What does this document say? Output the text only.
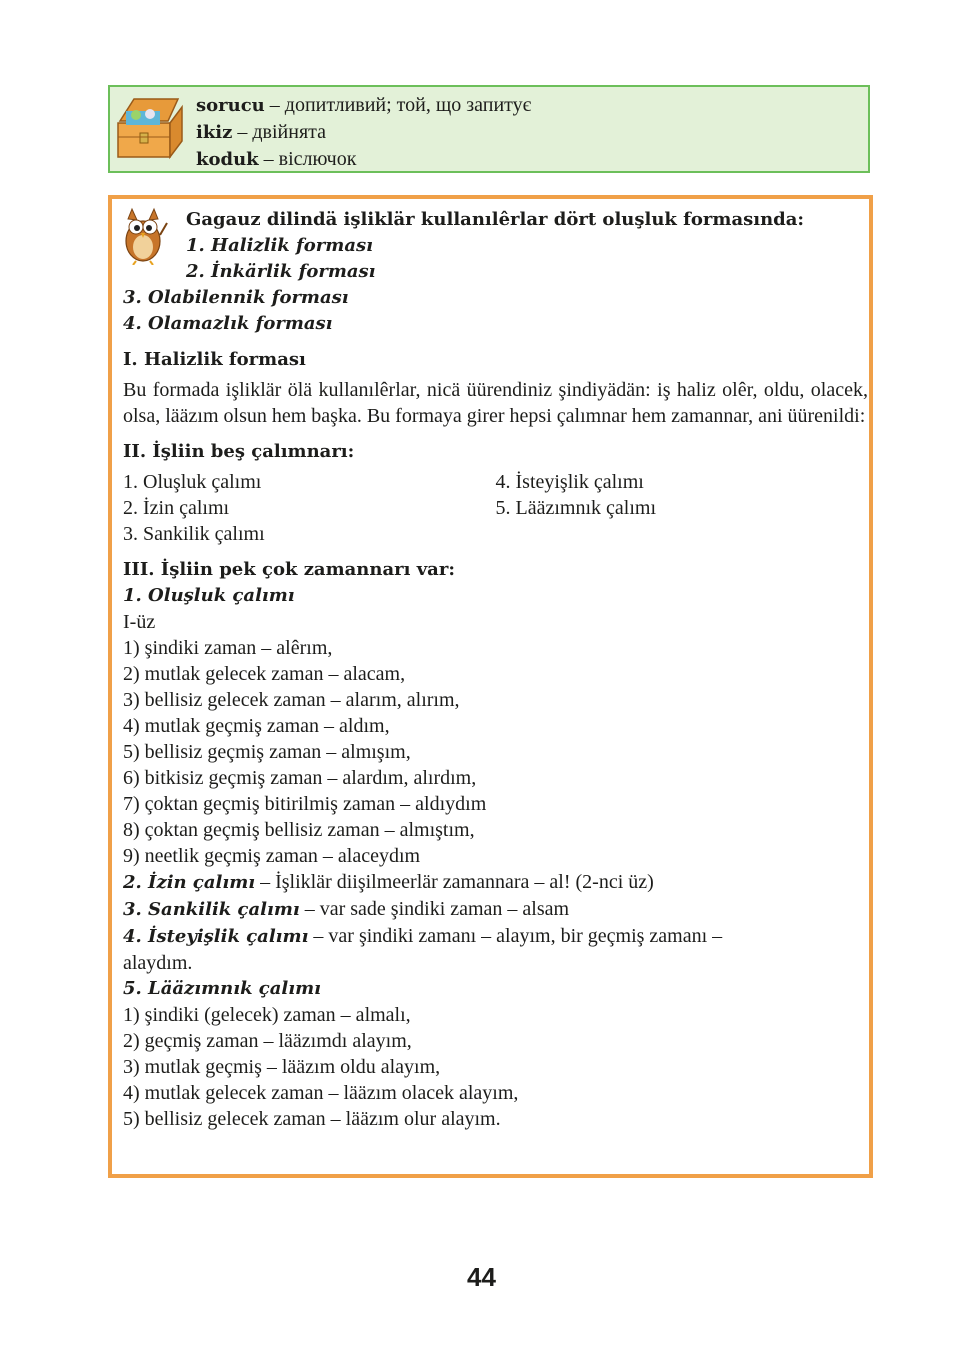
sorucu – допитливий; той, що запитує
ikiz – двійнята
koduk – віслючок
Gagauz dilindä işliklär kullanılêrlar dört oluşluk formasında:
1. Halizlik forması
2. İnkärlik forması
3. Olabilennik forması
4. Olamazlık forması
I. Halizlik forması
Bu formada işliklär ölä kullanılêrlar, nicä üürendiniz şindiyädän: iş haliz olêr, oldu, olacek, olsa, lääzım olsun hem başka. Bu formaya girer hepsi çalımnar hem zamannar, ani üürenildi:
II. İşliin beş çalımnarı:
1. Oluşluk çalımı
2. İzin çalımı
3. Sankilik çalımı
4. İsteyişlik çalımı
5. Lääzımnık çalımı
III. İşliin pek çok zamannarı var:
1. Oluşluk çalımı
I-üz
1) şindiki zaman – alêrım,
2) mutlak gelecek zaman – alacam,
3) bellisiz gelecek zaman – alarım, alırım,
4) mutlak geçmiş zaman – aldım,
5) bellisiz geçmiş zaman – almışım,
6) bitkisiz geçmiş zaman – alardım, alırdım,
7) çoktan geçmiş bitirilmiş zaman – aldıydım
8) çoktan geçmiş bellisiz zaman – almıştım,
9) neetlik geçmiş zaman – alaceydım
2. İzin çalımı – İşliklär diişilmeerlär zamannara – al! (2-nci üz)
3. Sankilik çalımı – var sade şindiki zaman – alsam
4. İsteyişlik çalımı – var şindiki zamanı – alayım, bir geçmiş zamanı –
alaydım.
5. Lääzımnık çalımı
1) şindiki (gelecek) zaman – almalı,
2) geçmiş zaman – lääzımdı alayım,
3) mutlak geçmiş – lääzım oldu alayım,
4) mutlak gelecek zaman – lääzım olacek alayım,
5) bellisiz gelecek zaman – lääzım olur alayım.
44
